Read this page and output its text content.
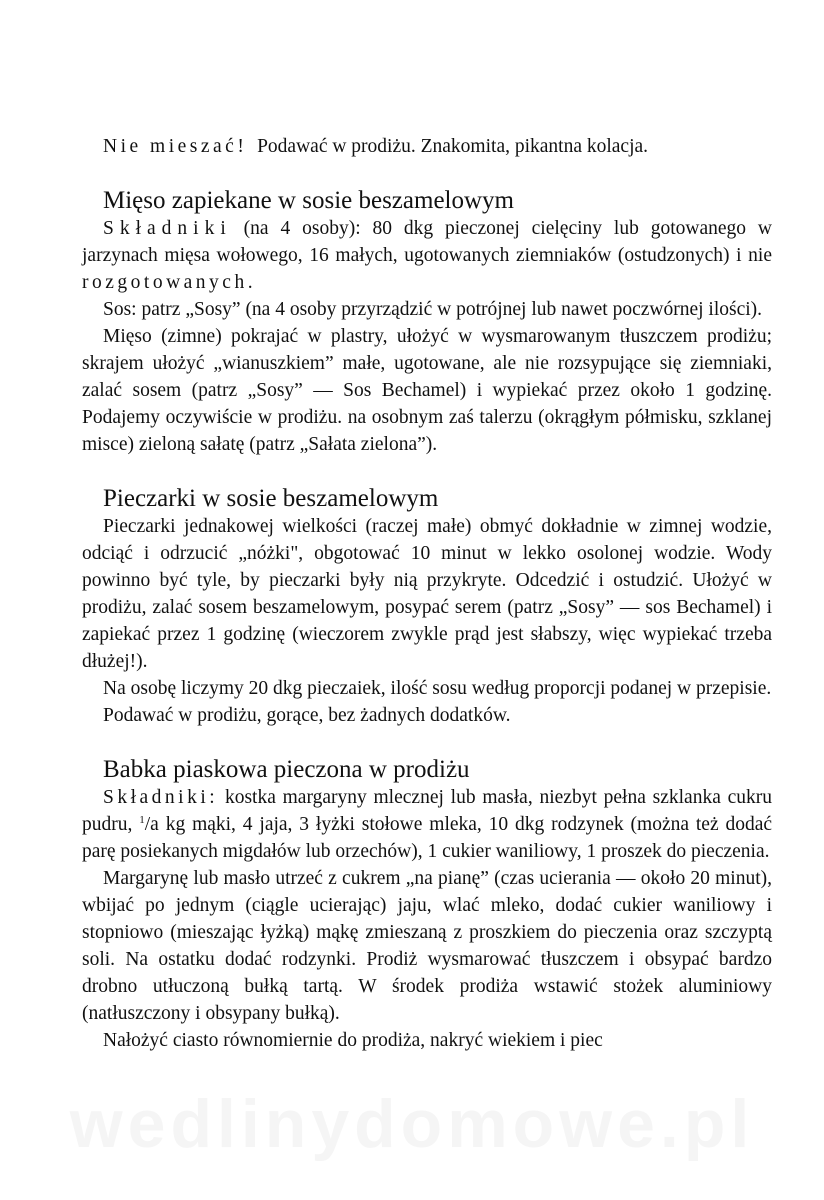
Nie mieszać! Podawać w prodiżu. Znakomita, pikantna kolacja.

Mięso zapiekane w sosie beszamelowym

Składniki (na 4 osoby): 80 dkg pieczonej cielęciny lub gotowanego w jarzynach mięsa wołowego, 16 małych, ugotowanych ziemniaków (ostudzonych) i nie rozgotowanych.

Sos: patrz „Sosy” (na 4 osoby przyrządzić w potrójnej lub nawet poczwórnej ilości).

Mięso (zimne) pokrajać w plastry, ułożyć w wysmarowanym tłuszczem prodiżu; skrajem ułożyć „wianuszkiem” małe, ugotowane, ale nie rozsypujące się ziemniaki, zalać sosem (patrz „Sosy” — Sos Bechamel) i wypiekać przez około 1 godzinę. Podajemy oczywiście w prodiżu. na osobnym zaś talerzu (okrągłym półmisku, szklanej misce) zieloną sałatę (patrz „Sałata zielona”).

Pieczarki w sosie beszamelowym

Pieczarki jednakowej wielkości (raczej małe) obmyć dokładnie w zimnej wodzie, odciąć i odrzucić „nóżki", obgotować 10 minut w lekko osolonej wodzie. Wody powinno być tyle, by pieczarki były nią przykryte. Odcedzić i ostudzić. Ułożyć w prodiżu, zalać sosem beszamelowym, posypać serem (patrz „Sosy” — sos Bechamel) i zapiekać przez 1 godzinę (wieczorem zwykle prąd jest słabszy, więc wypiekać trzeba dłużej!).

Na osobę liczymy 20 dkg pieczaiek, ilość sosu według proporcji podanej w przepisie.

Podawać w prodiżu, gorące, bez żadnych dodatków.

Babka piaskowa pieczona w prodiżu

Składniki: kostka margaryny mlecznej lub masła, niezbyt pełna szklanka cukru pudru, $^1$/a kg mąki, 4 jaja, 3 łyżki stołowe mleka, 10 dkg rodzynek (można też dodać parę posiekanych migdałów lub orzechów), 1 cukier waniliowy, 1 proszek do pieczenia.

Margarynę lub masło utrzeć z cukrem „na pianę” (czas ucierania — około 20 minut), wbijać po jednym (ciągle ucierając) jaju, wlać mleko, dodać cukier waniliowy i stopniowo (mieszając łyżką) mąkę zmieszaną z proszkiem do pieczenia oraz szczyptą soli. Na ostatku dodać rodzynki. Prodiż wysmarować tłuszczem i obsypać bardzo drobno utłuczoną bułką tartą. W środek prodiża wstawić stożek aluminiowy (natłuszczony i obsypany bułką).

Nałożyć ciasto równomiernie do prodiża, nakryć wiekiem i piec

wedlinydomowe.pl
